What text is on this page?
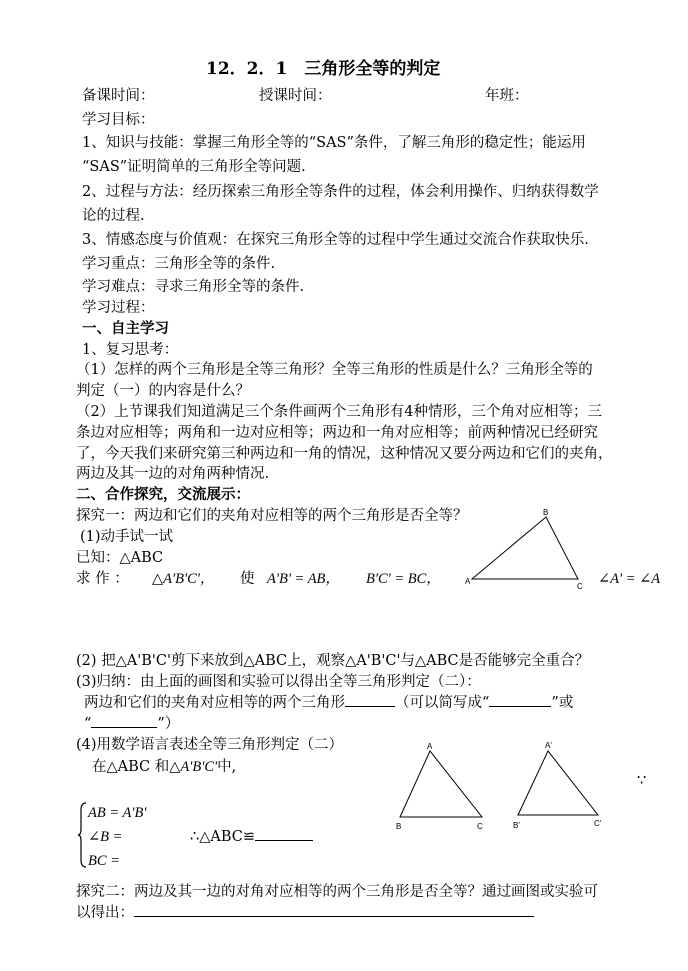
12．2．1　三角形全等的判定
备课时间：	授课时间：	年班：
学习目标：
1、知识与技能：掌握三角形全等的“SAS”条件，了解三角形的稳定性；能运用
“SAS”证明简单的三角形全等问题.
2、过程与方法：经历探索三角形全等条件的过程，体会利用操作、归纳获得数学
论的过程.
3、情感态度与价值观：在探究三角形全等的过程中学生通过交流合作获取快乐.
学习重点：三角形全等的条件.
学习难点：寻求三角形全等的条件.
学习过程：
一、自主学习
1、复习思考：
（1）怎样的两个三角形是全等三角形？全等三角形的性质是什么？三角形全等的
判定（一）的内容是什么？
（2）上节课我们知道满足三个条件画两个三角形有4种情形，三个角对应相等；三
条边对应相等；两角和一边对应相等；两边和一角对应相等；前两种情况已经研究
了，今天我们来研究第三种两边和一角的情况，这种情况又要分两边和它们的夹角，
两边及其一边的对角两种情况.
二、合作探究，交流展示：
探究一：两边和它们的夹角对应相等的两个三角形是否全等？
(1)动手试一试
已知：△ABC
求 作 ： △A'B'C'， 使 A'B' = AB， B'C' = BC，	∠A' = ∠A
A
B
C
(2) 把△A'B'C'剪下来放到△ABC上，观察△A'B'C'与△ABC是否能够完全重合？
(3)归纳：由上面的画图和实验可以得出全等三角形判定（二）：
两边和它们的夹角对应相等的两个三角形	（可以简写成“	”或
“	”）
(4)用数学语言表述全等三角形判定（二）
在△ABC 和△A'B'C'中,
∵
AB = A'B'
∠B =
BC =
∴△ABC≌
A
B	C
A'
B'	C'
探究二：两边及其一边的对角对应相等的两个三角形是否全等？通过画图或实验可
以得出：
